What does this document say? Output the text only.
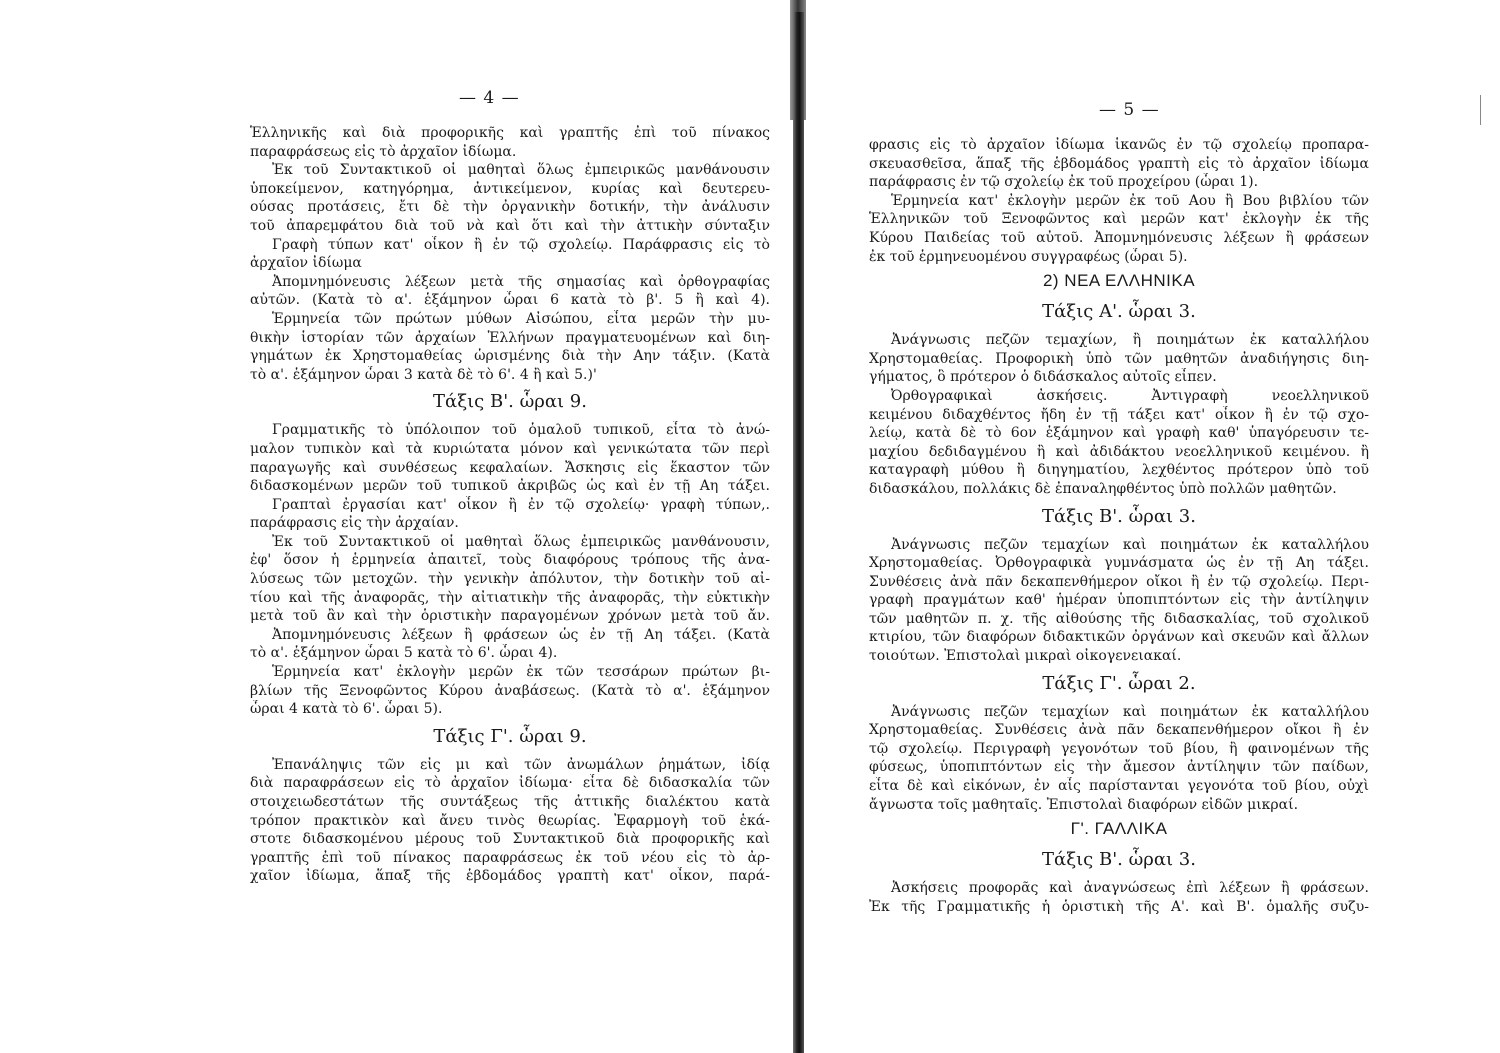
— 4 —
Ἑλληνικῆς καὶ διὰ προφορικῆς καὶ γραπτῆς ἐπὶ τοῦ πίνακος
παραφράσεως εἰς τὸ ἀρχαῖον ἰδίωμα.
Ἐκ τοῦ Συντακτικοῦ οἱ μαθηταὶ ὅλως ἐμπειρικῶς μανθάνουσιν
ὑποκείμενον, κατηγόρημα, ἀντικείμενον, κυρίας καὶ δευτερευ-
ούσας προτάσεις, ἔτι δὲ τὴν ὀργανικὴν δοτικήν, τὴν ἀνάλυσιν
τοῦ ἀπαρεμφάτου διὰ τοῦ νὰ καὶ ὅτι καὶ τὴν ἀττικὴν σύνταξιν
Γραφὴ τύπων κατ' οἶκον ἢ ἐν τῷ σχολείῳ. Παράφρασις εἰς τὸ
ἀρχαῖον ἰδίωμα
Ἀπομνημόνευσις λέξεων μετὰ τῆς σημασίας καὶ ὀρθογραφίας
αὐτῶν. (Κατὰ τὸ α'. ἑξάμηνον ὧραι 6 κατὰ τὸ β'. 5 ἢ καὶ 4).
Ἑρμηνεία τῶν πρώτων μύθων Αἰσώπου, εἶτα μερῶν τὴν μυ-
θικὴν ἱστορίαν τῶν ἀρχαίων Ἑλλήνων πραγματευομένων καὶ διη-
γημάτων ἐκ Χρηστομαθείας ὡρισμένης διὰ τὴν Αην τάξιν. (Κατὰ
τὸ α'. ἑξάμηνον ὧραι 3 κατὰ δὲ τὸ 6'. 4 ἢ καὶ 5.)'
Τάξις Β'. ὧραι 9.
Γραμματικῆς τὸ ὑπόλοιπον τοῦ ὁμαλοῦ τυπικοῦ, εἶτα τὸ ἀνώ-
μαλον τυπικὸν καὶ τὰ κυριώτατα μόνον καὶ γενικώτατα τῶν περὶ
παραγωγῆς καὶ συνθέσεως κεφαλαίων. Ἄσκησις εἰς ἕκαστον τῶν
διδασκομένων μερῶν τοῦ τυπικοῦ ἀκριβῶς ὡς καὶ ἐν τῇ Αη τάξει.
Γραπταὶ ἐργασίαι κατ' οἶκον ἢ ἐν τῷ σχολείῳ· γραφὴ τύπων,.
παράφρασις εἰς τὴν ἀρχαίαν.
Ἐκ τοῦ Συντακτικοῦ οἱ μαθηταὶ ὅλως ἐμπειρικῶς μανθάνουσιν,
ἐφ' ὅσον ἡ ἑρμηνεία ἀπαιτεῖ, τοὺς διαφόρους τρόπους τῆς ἀνα-
λύσεως τῶν μετοχῶν. τὴν γενικὴν ἀπόλυτον, τὴν δοτικὴν τοῦ αἰ-
τίου καὶ τῆς ἀναφορᾶς, τὴν αἰτιατικὴν τῆς ἀναφορᾶς, τὴν εὐκτικὴν
μετὰ τοῦ ἂν καὶ τὴν ὁριστικὴν παραγομένων χρόνων μετὰ τοῦ ἄν.
Ἀπομνημόνευσις λέξεων ἢ φράσεων ὡς ἐν τῇ Αη τάξει. (Κατὰ
τὸ α'. ἑξάμηνον ὧραι 5 κατὰ τὸ 6'. ὧραι 4).
Ἑρμηνεία κατ' ἐκλογὴν μερῶν ἐκ τῶν τεσσάρων πρώτων βι-
βλίων τῆς Ξενοφῶντος Κύρου ἀναβάσεως. (Κατὰ τὸ α'. ἑξάμηνον
ὧραι 4 κατὰ τὸ 6'. ὧραι 5).
Τάξις Γ'. ὧραι 9.
Ἐπανάληψις τῶν εἰς μι καὶ τῶν ἀνωμάλων ῥημάτων, ἰδίᾳ
διὰ παραφράσεων εἰς τὸ ἀρχαῖον ἰδίωμα· εἶτα δὲ διδασκαλία τῶν
στοιχειωδεστάτων τῆς συντάξεως τῆς ἀττικῆς διαλέκτου κατὰ
τρόπον πρακτικὸν καὶ ἄνευ τινὸς θεωρίας. Ἐφαρμογὴ τοῦ ἑκά-
στοτε διδασκομένου μέρους τοῦ Συντακτικοῦ διὰ προφορικῆς καὶ
γραπτῆς ἐπὶ τοῦ πίνακος παραφράσεως ἐκ τοῦ νέου εἰς τὸ ἀρ-
χαῖον ἰδίωμα, ἅπαξ τῆς ἑβδομάδος γραπτὴ κατ' οἶκον, παρά-
— 5 —
φρασις εἰς τὸ ἀρχαῖον ἰδίωμα ἱκανῶς ἐν τῷ σχολείῳ προπαρα-
σκευασθεῖσα, ἅπαξ τῆς ἑβδομάδος γραπτὴ εἰς τὸ ἀρχαῖον ἰδίωμα
παράφρασις ἐν τῷ σχολείῳ ἐκ τοῦ προχείρου (ὧραι 1).
Ἑρμηνεία κατ' ἐκλογὴν μερῶν ἐκ τοῦ Αου ἢ Βου βιβλίου τῶν
Ἑλληνικῶν τοῦ Ξενοφῶντος καὶ μερῶν κατ' ἐκλογὴν ἐκ τῆς
Κύρου Παιδείας τοῦ αὐτοῦ. Ἀπομνημόνευσις λέξεων ἢ φράσεων
ἐκ τοῦ ἑρμηνευομένου συγγραφέως (ὧραι 5).
2) ΝΕΑ ΕΛΛΗΝΙΚΑ
Τάξις Α'. ὧραι 3.
Ἀνάγνωσις πεζῶν τεμαχίων, ἢ ποιημάτων ἐκ καταλλήλου
Χρηστομαθείας. Προφορικὴ ὑπὸ τῶν μαθητῶν ἀναδιήγησις διη-
γήματος, ὃ πρότερον ὁ διδάσκαλος αὐτοῖς εἶπεν.
Ὀρθογραφικαὶ ἀσκήσεις. Ἀντιγραφὴ νεοελληνικοῦ
κειμένου διδαχθέντος ἤδη ἐν τῇ τάξει κατ' οἶκον ἢ ἐν τῷ σχο-
λείῳ, κατὰ δὲ τὸ 6ον ἑξάμηνον καὶ γραφὴ καθ' ὑπαγόρευσιν τε-
μαχίου δεδιδαγμένου ἢ καὶ ἀδιδάκτου νεοελληνικοῦ κειμένου. ἢ
καταγραφὴ μύθου ἢ διηγηματίου, λεχθέντος πρότερον ὑπὸ τοῦ
διδασκάλου, πολλάκις δὲ ἐπαναληφθέντος ὑπὸ πολλῶν μαθητῶν.
Τάξις Β'. ὧραι 3.
Ἀνάγνωσις πεζῶν τεμαχίων καὶ ποιημάτων ἐκ καταλλήλου
Χρηστομαθείας. Ὀρθογραφικὰ γυμνάσματα ὡς ἐν τῇ Αη τάξει.
Συνθέσεις ἀνὰ πᾶν δεκαπενθήμερον οἴκοι ἢ ἐν τῷ σχολείῳ. Περι-
γραφὴ πραγμάτων καθ' ἡμέραν ὑποπιπτόντων εἰς τὴν ἀντίληψιν
τῶν μαθητῶν π. χ. τῆς αἰθούσης τῆς διδασκαλίας, τοῦ σχολικοῦ
κτιρίου, τῶν διαφόρων διδακτικῶν ὀργάνων καὶ σκευῶν καὶ ἄλλων
τοιούτων. Ἐπιστολαὶ μικραὶ οἰκογενειακαί.
Τάξις Γ'. ὧραι 2.
Ἀνάγνωσις πεζῶν τεμαχίων καὶ ποιημάτων ἐκ καταλλήλου
Χρηστομαθείας. Συνθέσεις ἀνὰ πᾶν δεκαπενθήμερον οἴκοι ἢ ἐν
τῷ σχολείῳ. Περιγραφὴ γεγονότων τοῦ βίου, ἢ φαινομένων τῆς
φύσεως, ὑποπιπτόντων εἰς τὴν ἄμεσον ἀντίληψιν τῶν παίδων,
εἶτα δὲ καὶ εἰκόνων, ἐν αἷς παρίστανται γεγονότα τοῦ βίου, οὐχὶ
ἄγνωστα τοῖς μαθηταῖς. Ἐπιστολαὶ διαφόρων εἰδῶν μικραί.
Γ'. ΓΑΛΛΙΚΑ
Τάξις Β'. ὧραι 3.
Ἀσκήσεις προφορᾶς καὶ ἀναγνώσεως ἐπὶ λέξεων ἢ φράσεων.
Ἐκ τῆς Γραμματικῆς ἡ ὁριστικὴ τῆς Α'. καὶ Β'. ὁμαλῆς συζυ-
